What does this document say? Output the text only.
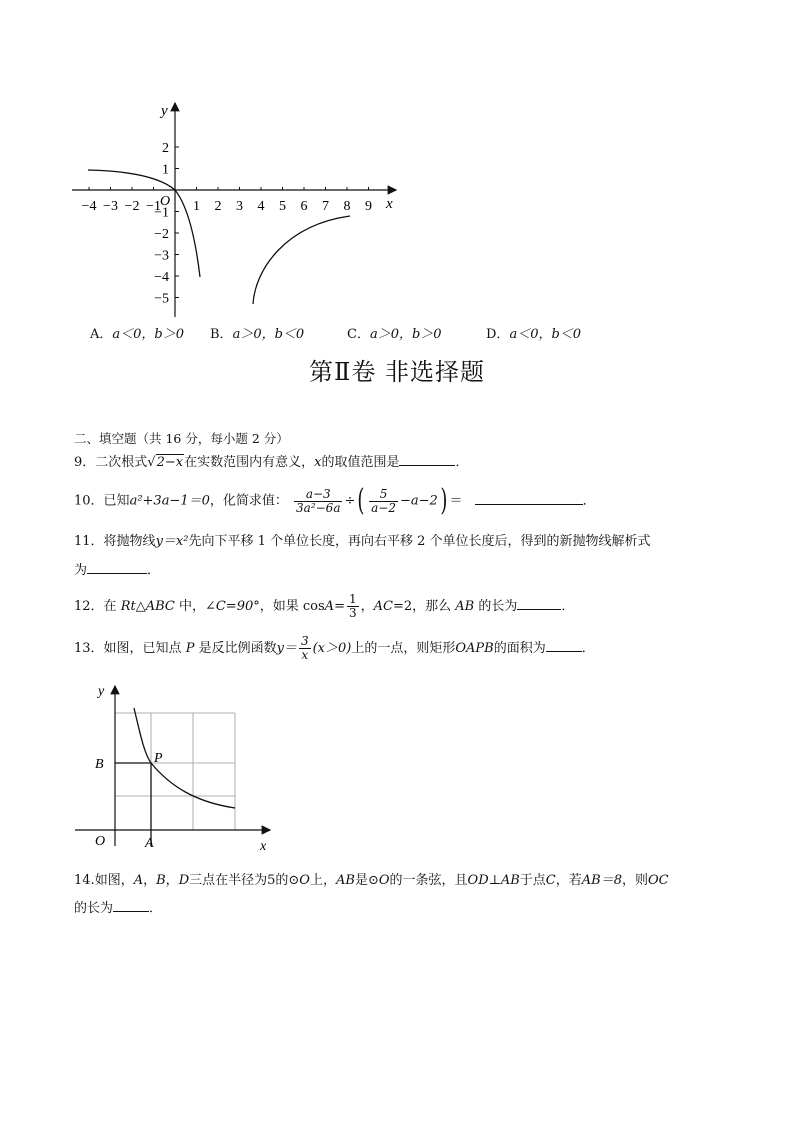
y
x
O
−4 −3 −2 −1 1 2 3 4 5 6 7 8 9
2
1
−1
−2
−3
−4
−5
A．a＜0，b＞0 B．a＞0，b＜0	C．a＞0，b＞0	D．a＜0，b＜0
第Ⅱ卷 非选择题
二、填空题（共 16 分，每小题 2 分）
9．二次根式√2−x在实数范围内有意义，x的取值范围是	．
10．已知a²+3a−1＝0，化简求值： $\frac{a-3}{\text{3a²−6a}}$ ÷( $\frac{5}{a-2} -a-2$) ＝	．
11．将抛物线y＝x²先向下平移 1 个单位长度，再向右平移 2 个单位长度后，得到的新抛物线解析式
为	．
12．在 Rt△ABC 中，∠C=90°，如果 $\cos A= \frac{1}{3}$ ，AC=2，那么 AB 的长为	．
13．如图，已知点 P 是反比例函数$y= \frac{3}{x} (x>0)$上的一点，则矩形OAPB的面积为	．
y
x
O	A
B	P
14.如图，A，B，D三点在半径为5的⊙O上，AB是⊙O的一条弦，且OD⊥AB于点C，若AB＝8，则OC
的长为	．
